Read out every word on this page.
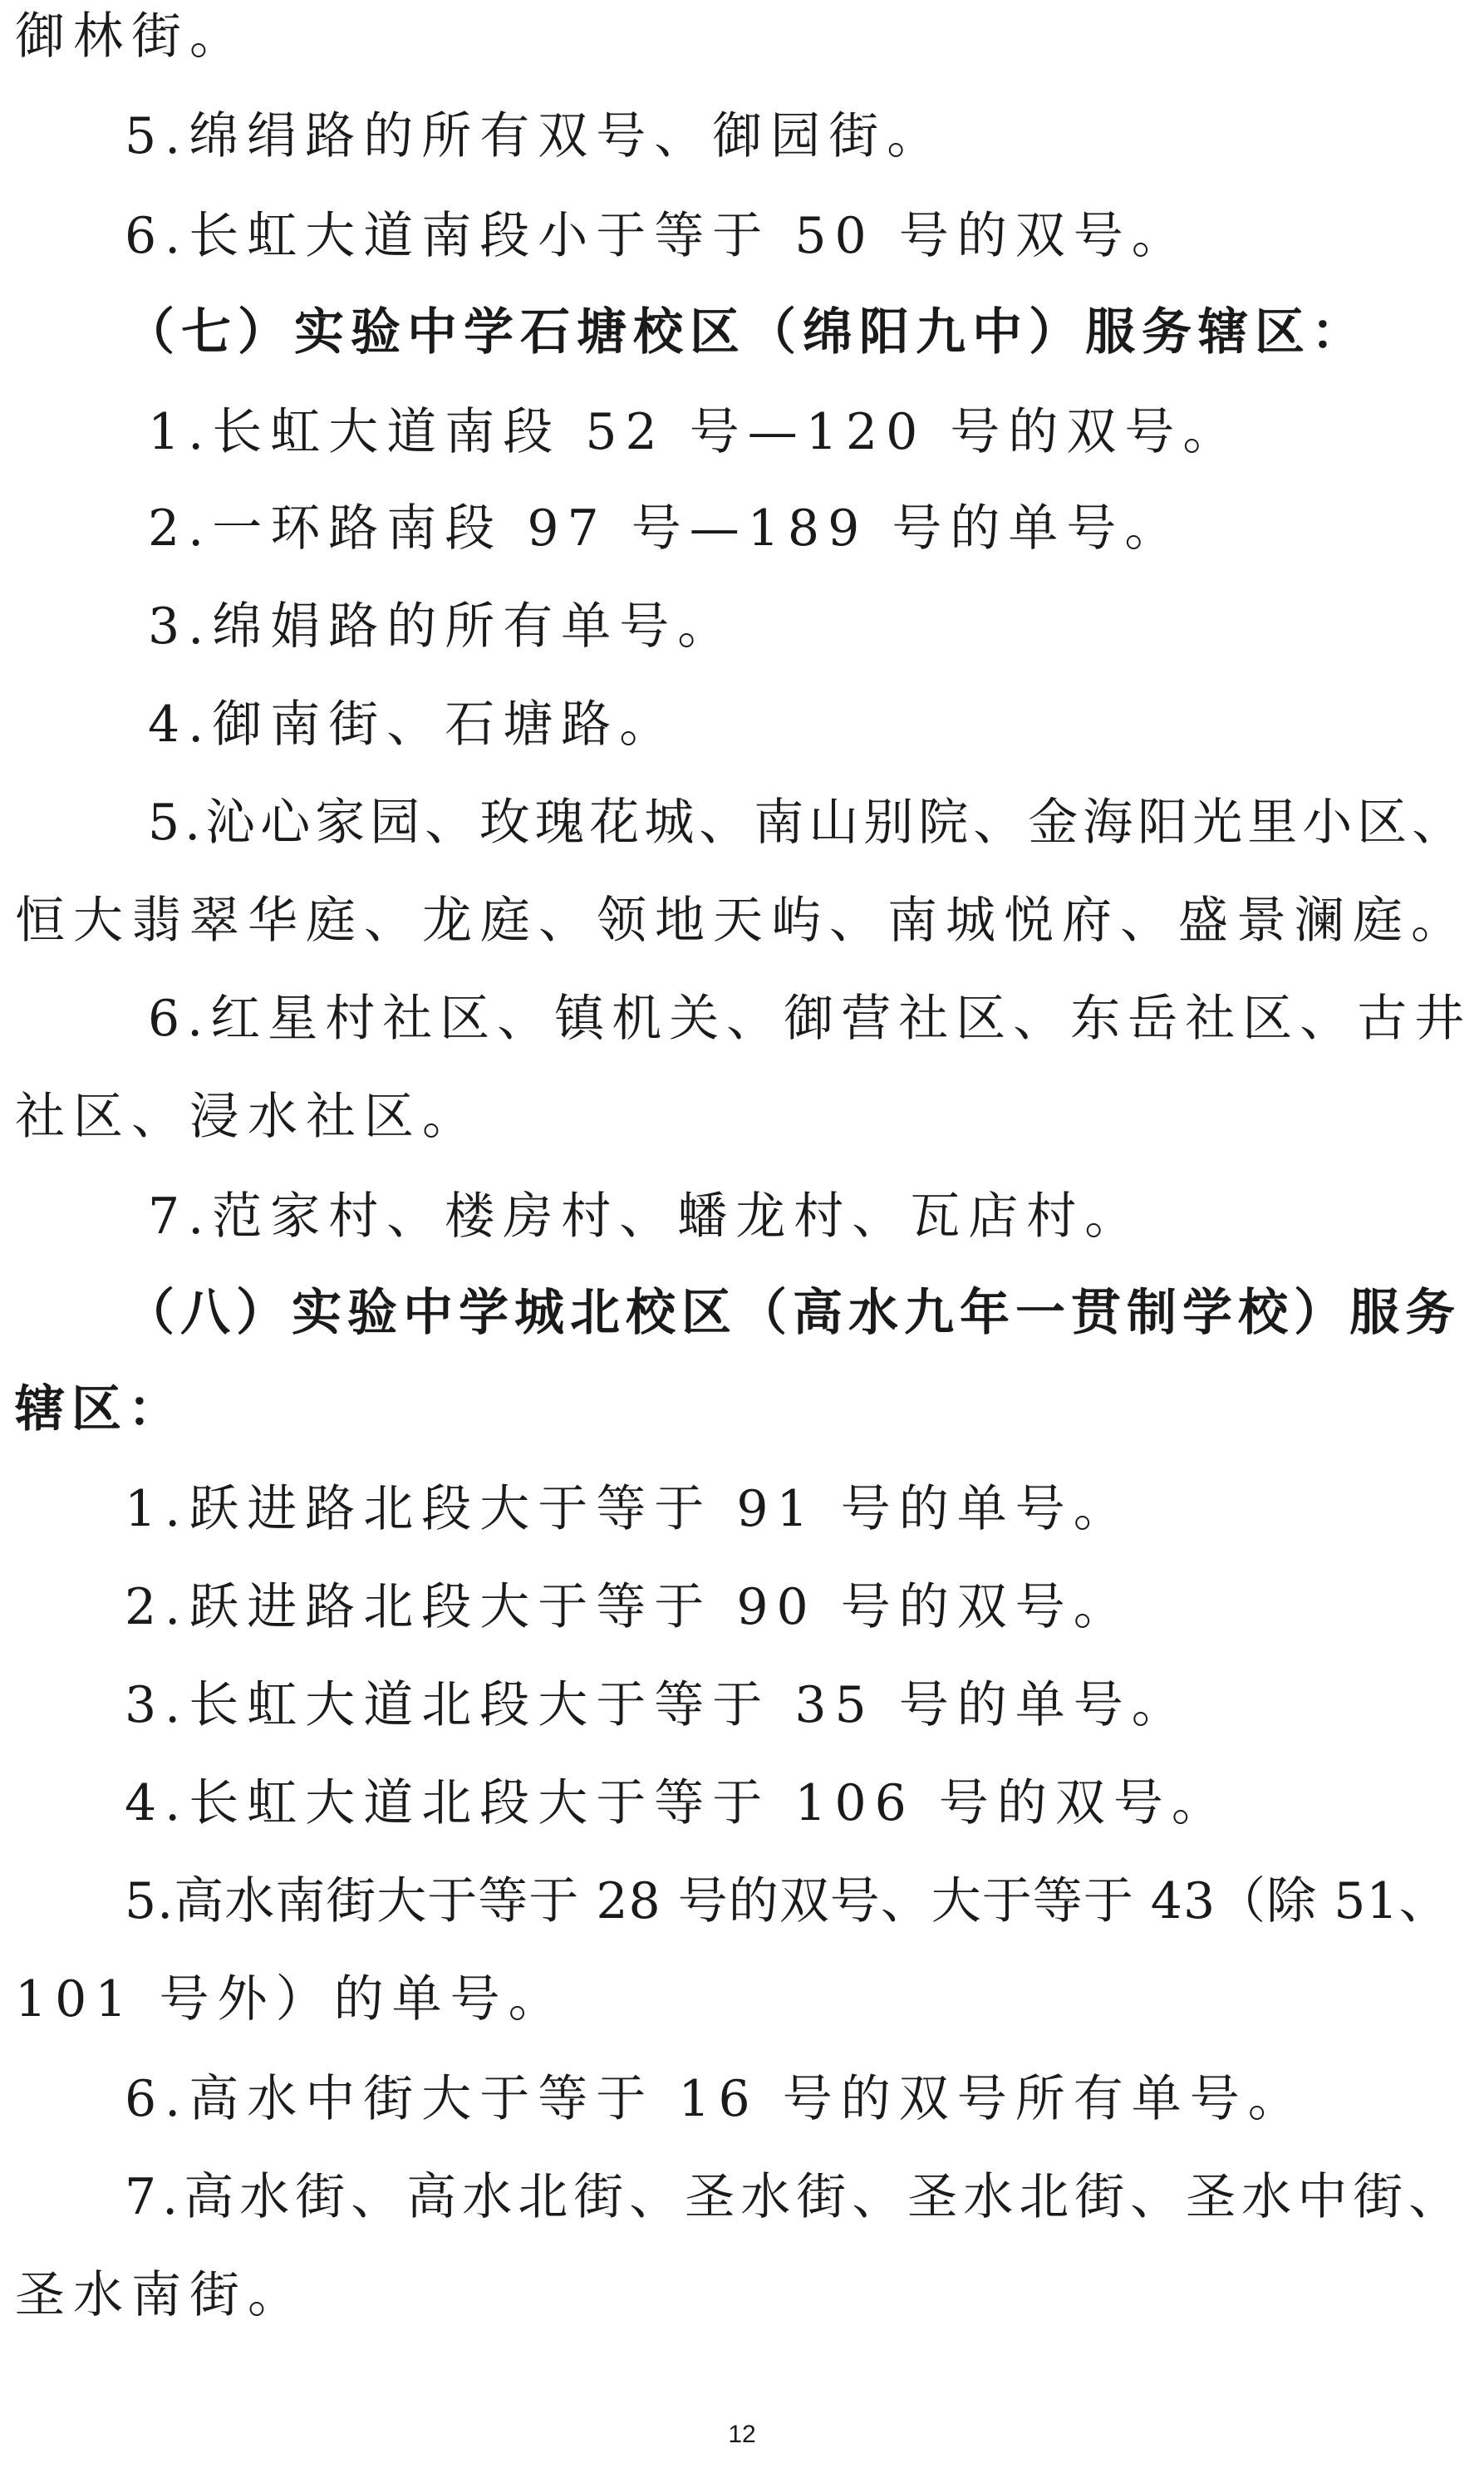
御林街。

5.绵绢路的所有双号、御园街。

6.长虹大道南段小于等于 50 号的双号。

（七）实验中学石塘校区（绵阳九中）服务辖区：

1.长虹大道南段 52 号—120 号的双号。

2.一环路南段 97 号—189 号的单号。

3.绵娟路的所有单号。

4.御南街、石塘路。

5.沁心家园、玫瑰花城、南山别院、金海阳光里小区、

恒大翡翠华庭、龙庭、领地天屿、南城悦府、盛景澜庭。

6.红星村社区、镇机关、御营社区、东岳社区、古井

社区、浸水社区。

7.范家村、楼房村、蟠龙村、瓦店村。

（八）实验中学城北校区（高水九年一贯制学校）服务

辖区：

1.跃进路北段大于等于 91 号的单号。

2.跃进路北段大于等于 90 号的双号。

3.长虹大道北段大于等于 35 号的单号。

4.长虹大道北段大于等于 106 号的双号。

5.高水南街大于等于 28 号的双号、大于等于 43（除 51、

101 号外）的单号。

6.高水中街大于等于 16 号的双号所有单号。

7.高水街、高水北街、圣水街、圣水北街、圣水中街、

圣水南街。

12
